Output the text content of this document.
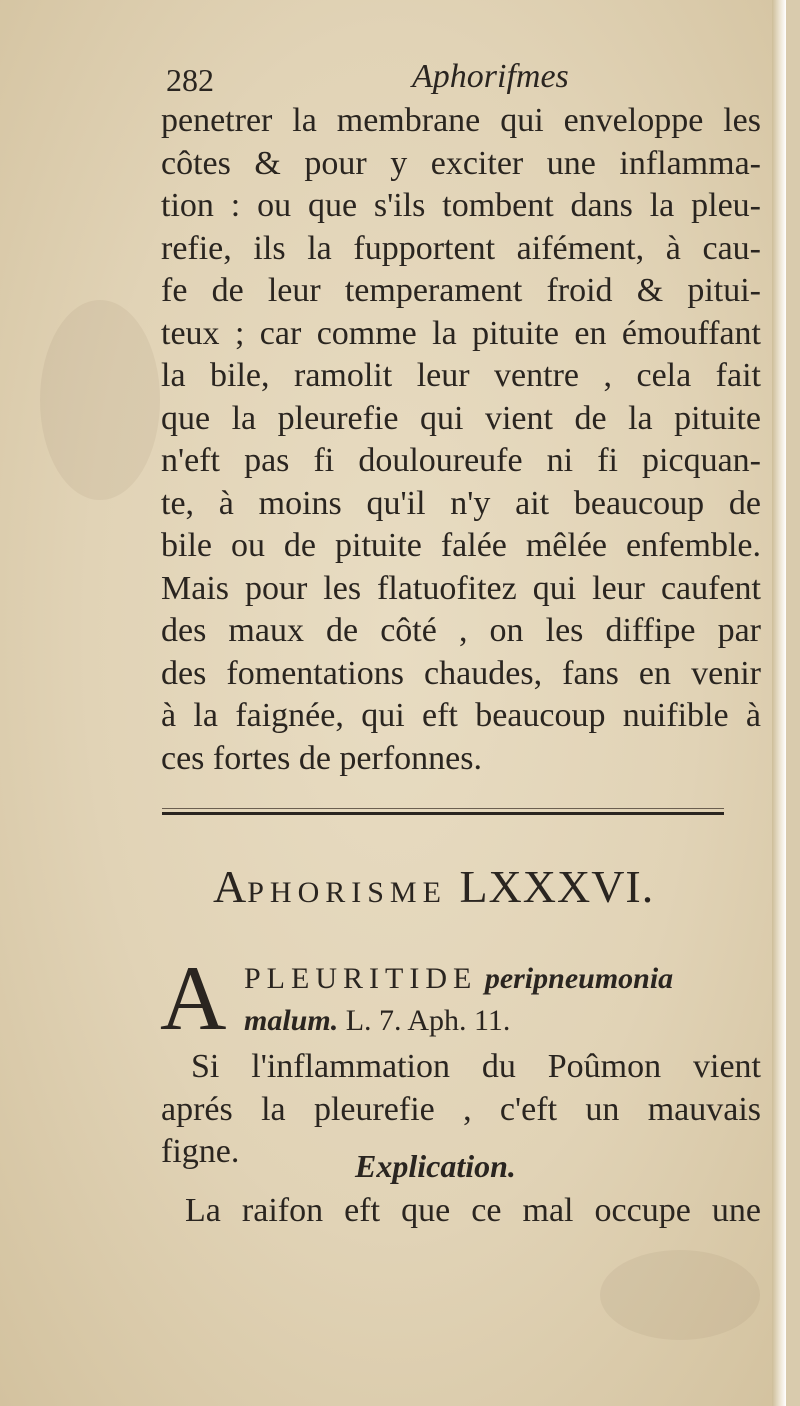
282	Aphorifmes
penetrer la membrane qui enveloppe les
côtes & pour y exciter une inflamma-
tion : ou que s'ils tombent dans la pleu-
refie, ils la fupportent aifément, à cau-
fe de leur temperament froid & pitui-
teux ; car comme la pituite en émouffant
la bile, ramolit leur ventre , cela fait
que la pleurefie qui vient de la pituite
n'eft pas fi douloureufe ni fi picquan-
te, à moins qu'il n'y ait beaucoup de
bile ou de pituite falée mêlée enfemble.
Mais pour les flatuofitez qui leur caufent
des maux de côté , on les diffipe par
des fomentations chaudes, fans en venir
à la faignée, qui eft beaucoup nuifible à
ces fortes de perfonnes.
APHORISME LXXXVI.
A PLEURITIDE peripneumonia
malum. L. 7. Aph. 11.
Si l'inflammation du Poûmon vient
aprés la pleurefie , c'eft un mauvais
figne.	Explication.
La raifon eft que ce mal occupe une
